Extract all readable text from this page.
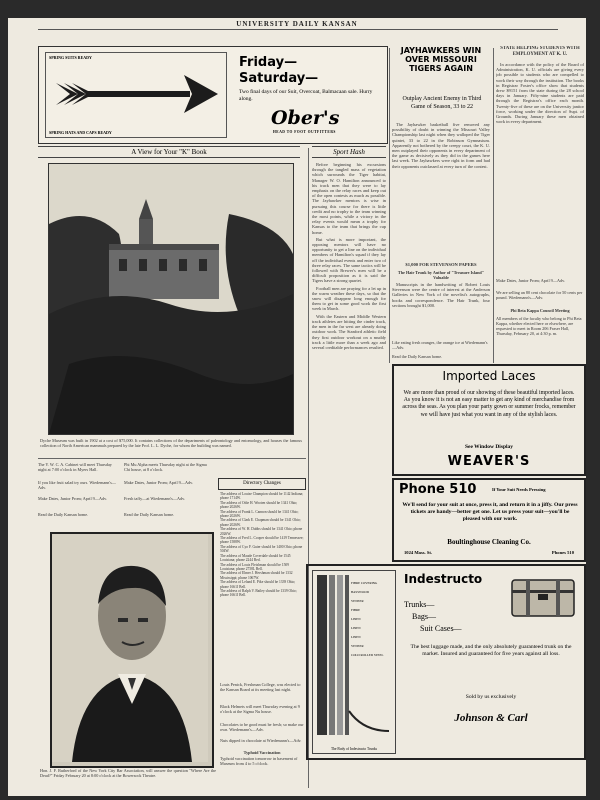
UNIVERSITY DAILY KANSAN
SPRING SUITS READY
SPRING HATS AND CAPS READY
Friday—
Saturday—
Two final days of our Suit, Overcoat, Balmacaan sale. Hurry along.
Ober's
HEAD TO FOOT OUTFITTERS
A View for Your "K" Book
Dyche Museum was built in 1902 at a cost of $75,000. It contains collections of the departments of paleontology and entomology, and houses the famous collection of North American mammals prepared by the late Prof. L. L. Dyche, for whom the building was named.
The Y. W. C. A. Cabinet will meet Thursday night at 7:00 o'clock in Myers Hall.
Phi Mu Alpha meets Thursday night at the Sigma Chi house, at 8 o'clock.
If you like fruit salad try ours. Wiedemann's—Adv.
Make Dates, Junior Prom; April 9—Adv.
Make Dates, Junior Prom; April 9—Adv.	Fresh taffy—at Wiedemann's—Adv.
Read the Daily Kansan home.	Read the Daily Kansan home.
Directory Changes
The address of Louise Champion should be 1142 Indiana; phone 1714W.
The address of Odie H. Wooten should be 1341 Ohio; phone 2026W.
The address of Frank L. Cannon should be 1341 Ohio; phone 2026W.
The address of Clark E. Chapman should be 1341 Ohio; phone 2026W.
The address of W. H. Dubbs should be 1341 Ohio; phone 2026W.
The address of Fred L. Cooper should be 1419 Tennessee; phone 1588W.
The address of Cyo F. Guier should be 1400 Ohio; phone 504W.
The address of Maude Coverdale should be 1545 Louisiana; phone 2244 Red.
The address of Louis Fleishman should be 1509 Louisiana; phone 2758L Bell.
The address of Elmer J. Hershman should be 1332 Mississippi; phone 1067W.
The address of Leland E. Pike should be 1339 Ohio; phone 1661J Bell.
The address of Ralph V. Bailey should be 1339 Ohio; phone 1661J Bell.
Louis Penick, Freshman College, was elected to the Kansan Board at its meeting last night.
Black Helmets will meet Thursday evening at 9 o'clock at the Sigma Nu house.
Chocolates to be good must be fresh; so make our own. Wiedemann's—Adv.
Nuts dipped in chocolate at Wiedemann's—Adv.
Typhoid Vaccination
Typhoid vaccination tomorrow in basement of Museum from 4 to 5 o'clock.
Hon. J. F. Rutherford of the New York City Bar Association, will answer the question "Where Are the Dead?" Friday February 20 at 8:00 o'clock at the Bowersock Theatre.
Sport Hash

Before beginning his excursions through the tangled mass of vegetation which surrounds the Tiger habitat, Manager W. O. Hamilton announced to his track men that they were to lay emphasis on the relay races and keep out of the open contests as much as possible. The Jayhawker mentors is wise in pursuing this course for there is little credit and no trophy to the team winning the most points, while a victory in the relay events would mean a trophy for Kansas to the team that brings the cup home.

But what is more important, the opposing mentors will have no opportunity to get a line on the individual members of Hamilton's squad if they lay off the individual events and enter two of three relay races. The same tactics will be followed with Brewer's men will be a difficult proposition as it is said the Tigers have a strong quartet.

Football men are praying for a let up in the warm weather these days, so that the snow will disappear long enough for them to get in some good work the first week in March.

With the Eastern and Middle Western track athletes are hitting the cinder track, the men in the far west are already doing outdoor work. The Stanford athletic field they first outdoor workout on a muddy track a little more than a week ago and several creditable performances resulted.

JAYHAWKERS WIN OVER MISSOURI TIGERS AGAIN
Outplay Ancient Enemy in Third Game of Season, 33 to 22

The Jayhawker basketball five removed any possibility of doubt in winning the Missouri Valley Championship last night when they walloped the Tiger quintet, 33 to 22 in the Robinson Gymnasium. Apparently not bothered by the creepy court, the K. U. men outplayed their opponents in every department of the game as decisively as they did in the games here last week. The Jayhawkers were right in form and had their opponents outclassed at every turn of the contest.

$1,000 FOR STEVENSON PAPERS
The Hair Trunk by Author of "Treasure Island" Valuable

Manuscripts in the handwriting of Robert Louis Stevenson were the centre of interest at the Anderson Galleries in New York of the novelist's autographs, books and correspondence. The Hair Trunk, four sections brought $1,000.

Like eating fresh oranges, the orange ice at Wiedemann's—Adv.
Read the Daily Kansan home.
STATE HELPING STUDENTS WITH EMPLOYMENT AT K. U.

In accordance with the policy of the Board of Administration, K. U. officials are giving every job possible to students who are compelled to work their way through the institution. The books in Registrar Foster's office show that students drew $9151 from the state during the 28 school days in January. Fifty-nine students are paid through the Registrar's office each month. Twenty-five of these are on the University janitor force, working under the direction of Supt. of Grounds. During January these men obtained work in every department.

Make Dates, Junior Prom; April 9—Adv.
We are selling an 80 cent chocolate for 50 cents per pound. Wiedemann's—Adv.
Phi Beta Kappa Council Meeting
All members of the faculty who belong to Phi Beta Kappa, whether elected here or elsewhere, are requested to meet in Room 206 Fraser Hall, Thursday, February 20, at 4:30 p. m.
Imported Laces
We are more than proud of our showing of these beautiful imported laces. As you know it is not an easy matter to get any kind of merchandise from across the seas. As you plan your party gown or summer frocks, remember we will have just what you want in any of the stylish laces.
See Window Display
WEAVER'S
Phone 510	If Your Suit Needs Pressing
We'll send for your suit at once, press it, and return it in a jiffy. Our press tickets are handy—better get one. Let us press your suit—you'll be pleased with our work.
Boultinghouse Cleaning Co.
1024 Mass. St.	Phones 510
FIBRE COVERING
BASSWOOD
VENEER
FIBRE
LINEN
LINEN
LINEN
VENEER
COLD ROLLED STEEL
The Body of Indestructo Trunks
Indestructo
Trunks—
Bags—
Suit Cases—
The best luggage made, and the only absolutely guaranteed trunk on the market. Insured and guaranteed for five years against all loss.
Sold by us exclusively
Johnson & Carl
